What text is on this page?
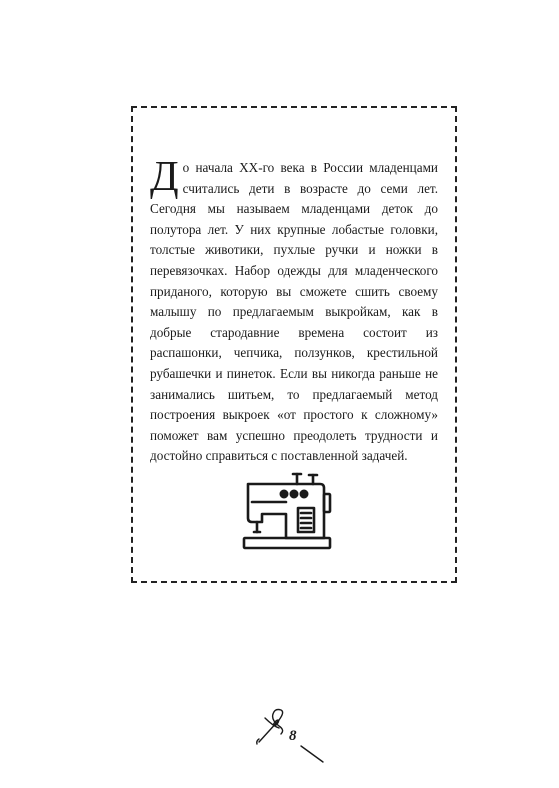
До начала XX-го века в России младенцами считались дети в возрасте до семи лет. Сегодня мы называем младенцами деток до полутора лет. У них крупные лобастые головки, толстые животики, пухлые ручки и ножки в перевязочках. Набор одежды для младенческого приданого, которую вы сможете сшить своему малышу по предлагаемым выкройкам, как в добрые стародавние времена состоит из распашонки, чепчика, ползунков, крестильной рубашечки и пинеток. Если вы никогда раньше не занимались шитьем, то предлагаемый метод построения выкроек «от простого к сложному» поможет вам успешно преодолеть трудности и достойно справиться с поставленной задачей.

8
